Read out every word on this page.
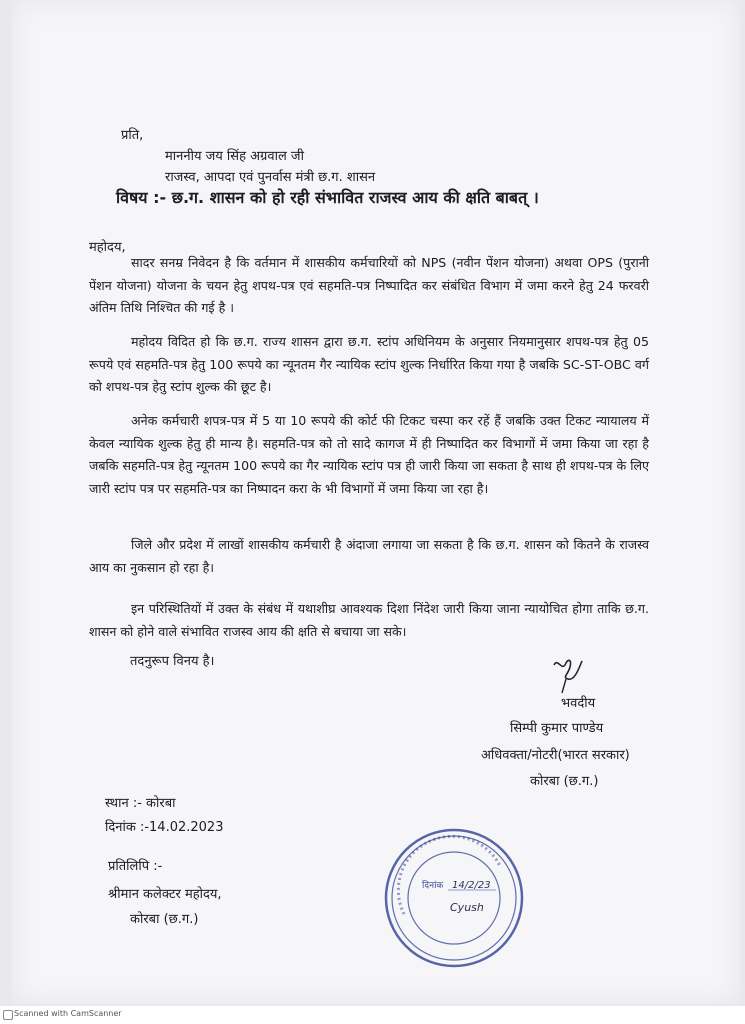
प्रति,
माननीय जय सिंह अग्रवाल जी
राजस्व, आपदा एवं पुनर्वास मंत्री छ.ग. शासन
विषय :- छ.ग. शासन को हो रही संभावित राजस्व आय की क्षति बाबत् ।
महोदय,
सादर सनम्र निवेदन है कि वर्तमान में शासकीय कर्मचारियों को NPS (नवीन पेंशन योजना) अथवा OPS (पुरानी पेंशन योजना) योजना के चयन हेतु शपथ-पत्र एवं सहमति-पत्र निष्पादित कर संबंधित विभाग में जमा करने हेतु 24 फरवरी अंतिम तिथि निश्चित की गई है ।
महोदय विदित हो कि छ.ग. राज्य शासन द्वारा छ.ग. स्टांप अधिनियम के अनुसार नियमानुसार शपथ-पत्र हेतु 05 रूपये एवं सहमति-पत्र हेतु 100 रूपये का न्यूनतम गैर न्यायिक स्टांप शुल्क निर्धारित किया गया है जबकि SC-ST-OBC वर्ग को शपथ-पत्र हेतु स्टांप शुल्क की छूट है।
अनेक कर्मचारी शपत्र-पत्र में 5 या 10 रूपये की कोर्ट फी टिकट चस्पा कर रहें हैं जबकि उक्त टिकट न्यायालय में केवल न्यायिक शुल्क हेतु ही मान्य है। सहमति-पत्र को तो सादे कागज में ही निष्पादित कर विभागों में जमा किया जा रहा है जबकि सहमति-पत्र हेतु न्यूनतम 100 रूपये का गैर न्यायिक स्टांप पत्र ही जारी किया जा सकता है साथ ही शपथ-पत्र के लिए जारी स्टांप पत्र पर सहमति-पत्र का निष्पादन करा के भी विभागों में जमा किया जा रहा है।
जिले और प्रदेश में लाखों शासकीय कर्मचारी है अंदाजा लगाया जा सकता है कि छ.ग. शासन को कितने के राजस्व आय का नुकसान हो रहा है।
इन परिस्थितियों में उक्त के संबंध में यथाशीघ्र आवश्यक दिशा निंदेश जारी किया जाना न्यायोचित होगा ताकि छ.ग. शासन को होने वाले संभावित राजस्व आय की क्षति से बचाया जा सके।
तदनुरूप विनय है।
भवदीय
सिम्पी कुमार पाण्डेय
अधिवक्ता/नोटरी(भारत सरकार)
कोरबा (छ.ग.)
स्थान :- कोरबा
दिनांक :-14.02.2023
प्रतिलिपि :-
श्रीमान कलेक्टर महोदय,
कोरबा (छ.ग.)
दिनांक 14/2/23
Cyush
Scanned with CamScanner
